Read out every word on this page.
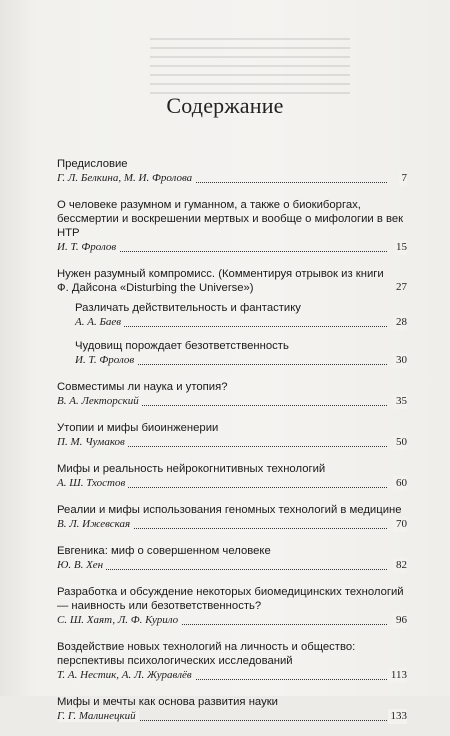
Содержание
Предисловие
Г. Л. Белкина, М. И. Фролова	7
О человеке разумном и гуманном, а также о биокиборгах, бессмертии и воскрешении мертвых и вообще о мифологии в век НТР
И. Т. Фролов	15
Нужен разумный компромисс. (Комментируя отрывок из книги Ф. Дайсона «Disturbing the Universe»)	27
Различать действительность и фантастику
А. А. Баев	28
Чудовищ порождает безответственность
И. Т. Фролов	30
Совместимы ли наука и утопия?
В. А. Лекторский	35
Утопии и мифы биоинженерии
П. М. Чумаков	50
Мифы и реальность нейрокогнитивных технологий
А. Ш. Тхостов	60
Реалии и мифы использования геномных технологий в медицине
В. Л. Ижевская	70
Евгеника: миф о совершенном человеке
Ю. В. Хен	82
Разработка и обсуждение некоторых биомедицинских технологий — наивность или безответственность?
С. Ш. Хаят, Л. Ф. Курило	96
Воздействие новых технологий на личность и общество: перспективы психологических исследований
Т. А. Нестик, А. Л. Журавлёв	113
Мифы и мечты как основа развития науки
Г. Г. Малинецкий	133
